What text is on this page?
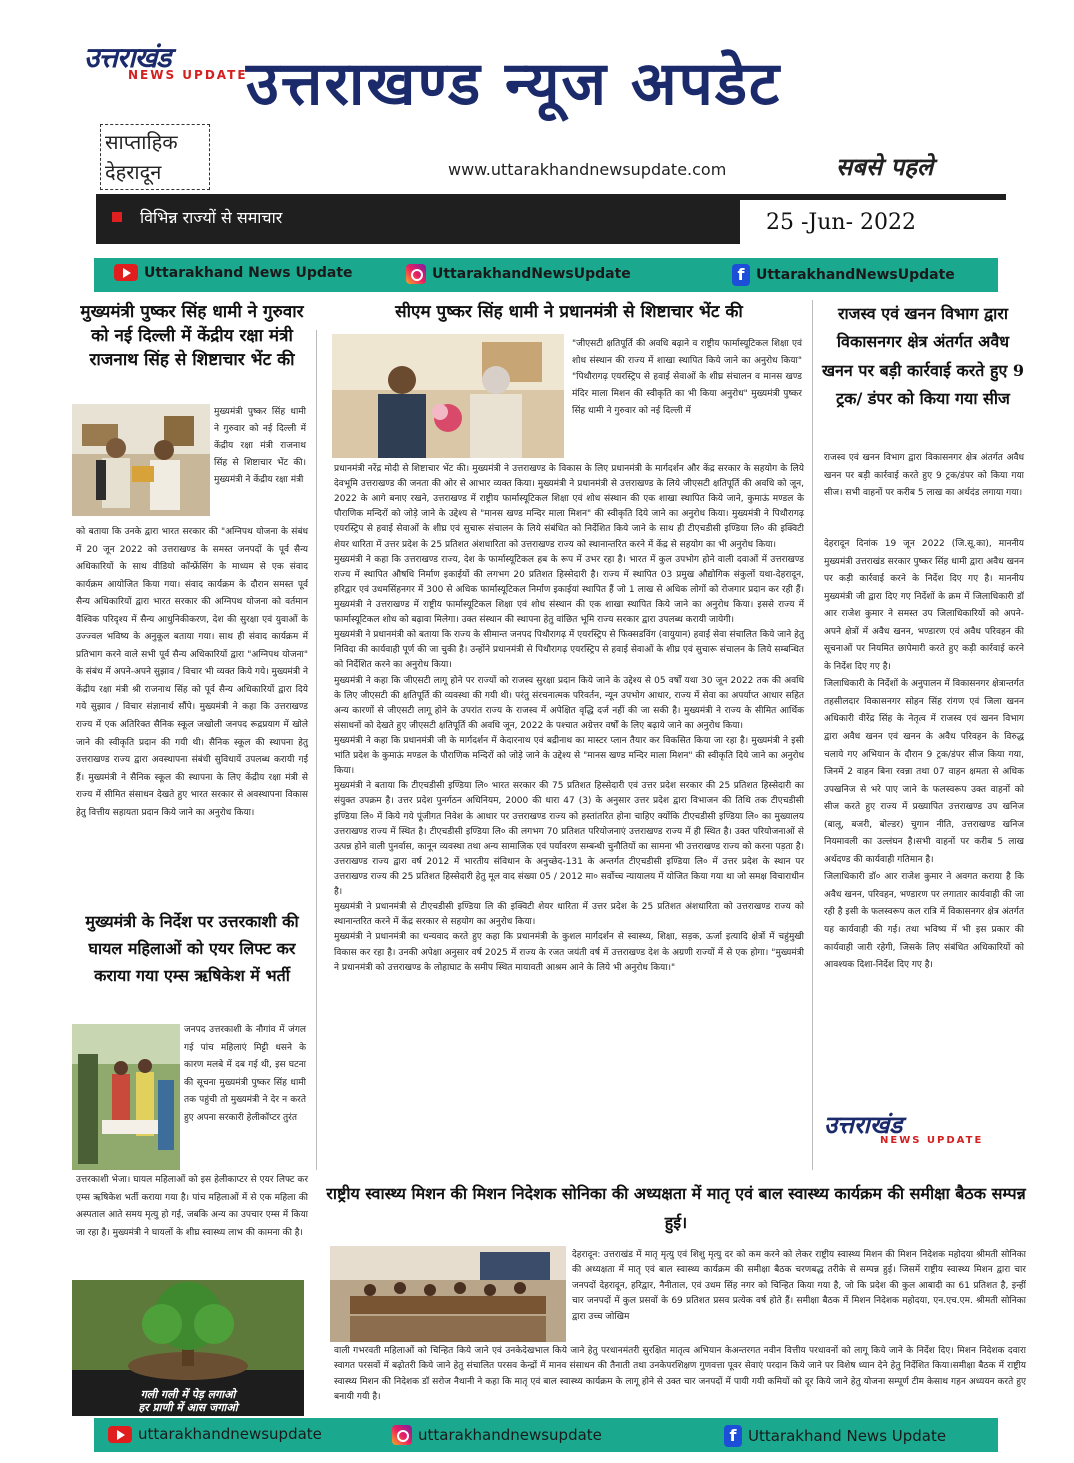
उत्तराखंड
NEWS UPDATE
उत्तराखण्ड न्यूज अपडेट
साप्ताहिक
देहरादून	www.uttarakhandnewsupdate.com	सबसे पहले
विभिन्न राज्यों से समाचार	25 -Jun- 2022
Uttarakhand News Update	UttarakhandNewsUpdate	f UttarakhandNewsUpdate
मुख्यमंत्री पुष्कर सिंह धामी ने गुरुवार को नई दिल्ली में केंद्रीय रक्षा मंत्री राजनाथ सिंह से शिष्टाचार भेंट की
मुख्यमंत्री पुष्कर सिंह धामी ने गुरुवार को नई दिल्ली में केंद्रीय रक्षा मंत्री राजनाथ सिंह से शिष्टाचार भेंट की। मुख्यमंत्री ने केंद्रीय रक्षा मंत्री
को बताया कि उनके द्वारा भारत सरकार की "अग्निपथ योजना के संबंध में 20 जून 2022 को उत्तराखण्ड के समस्त जनपदों के पूर्व सैन्य अधिकारियों के साथ वीडियो कॉन्फ्रेंसिंग के माध्यम से एक संवाद कार्यक्रम आयोजित किया गया। संवाद कार्यक्रम के दौरान समस्त पूर्व सैन्य अधिकारियों द्वारा भारत सरकार की अग्निपथ योजना को वर्तमान वैश्विक परिदृश्य में सैन्य आधुनिकीकरण, देश की सुरक्षा एवं युवाओं के उज्ज्वल भविष्य के अनुकूल बताया गया। साथ ही संवाद कार्यक्रम में प्रतिभाग करने वाले सभी पूर्व सैन्य अधिकारियों द्वारा "अग्निपथ योजना" के संबंध में अपने-अपने सुझाव / विचार भी व्यक्त किये गये। मुख्यमंत्री ने केंद्रीय रक्षा मंत्री श्री राजनाथ सिंह को पूर्व सैन्य अधिकारियों द्वारा दिये गये सुझाव / विचार संज्ञानार्थ सौंपे। मुख्यमंत्री ने कहा कि उत्तराखण्ड राज्य में एक अतिरिक्त सैनिक स्कूल जखोली जनपद रूद्रप्रयाग में खोले जाने की स्वीकृति प्रदान की गयी थी। सैनिक स्कूल की स्थापना हेतु उत्तराखण्ड राज्य द्वारा अवस्थापना संबंधी सुविधायें उपलब्ध करायी गई हैं। मुख्यमंत्री ने सैनिक स्कूल की स्थापना के लिए केंद्रीय रक्षा मंत्री से राज्य में सीमित संसाधन देखते हुए भारत सरकार से अवस्थापना विकास हेतु वित्तीय सहायता प्रदान किये जाने का अनुरोध किया।
मुख्यमंत्री के निर्देश पर उत्तरकाशी की घायल महिलाओं को एयर लिफ्ट कर कराया गया एम्स ऋषिकेश में भर्ती
जनपद उत्तरकाशी के नौगांव में जंगल गई पांच महिलाएं मिट्टी धसने के कारण मलबे में दब गई थी, इस घटना की सूचना मुख्यमंत्री पुष्कर सिंह धामी तक पहुंची तो मुख्यमंत्री ने देर न करते हुए अपना सरकारी हेलीकॉप्टर तुरंत
उत्तरकाशी भेजा। घायल महिलाओं को इस हेलीकाप्टर से एयर लिफ्ट कर एम्स ऋषिकेश भर्ती कराया गया है। पांच महिलाओं में से एक महिला की अस्पताल आते समय मृत्यु हो गई, जबकि अन्य का उपचार एम्स में किया जा रहा है। मुख्यमंत्री ने घायलों के शीघ्र स्वास्थ्य लाभ की कामना की है।
गली गली में पेड़ लगाओ
हर प्राणी में आस जगाओ
सीएम पुष्कर सिंह धामी ने प्रधानमंत्री से शिष्टाचार भेंट की
"जीएसटी क्षतिपूर्ति की अवधि बढ़ाने व राष्ट्रीय फार्मास्यूटिकल शिक्षा एवं शोध संस्थान की राज्य में शाखा स्थापित किये जाने का अनुरोध किया" "पिथौरागढ़ एयरस्ट्रिप से हवाई सेवाओं के शीघ्र संचालन व मानस खण्ड मंदिर माला मिशन की स्वीकृति का भी किया अनुरोध" मुख्यमंत्री पुष्कर सिंह धामी ने गुरुवार को नई दिल्ली में
प्रधानमंत्री नरेंद्र मोदी से शिष्टाचार भेंट की। मुख्यमंत्री ने उत्तराखण्ड के विकास के लिए प्रधानमंत्री के मार्गदर्शन और केंद्र सरकार के सहयोग के लिये देवभूमि उत्तराखण्ड की जनता की ओर से आभार व्यक्त किया। मुख्यमंत्री ने प्रधानमंत्री से उत्तराखण्ड के लिये जीएसटी क्षतिपूर्ति की अवधि को जून, 2022 के आगे बनाए रखने, उत्तराखण्ड में राष्ट्रीय फार्मास्यूटिकल शिक्षा एवं शोध संस्थान की एक शाखा स्थापित किये जाने, कुमाऊं मण्डल के पौराणिक मन्दिरों को जोड़े जाने के उद्देश्य से "मानस खण्ड मन्दिर माला मिशन" की स्वीकृति दिये जाने का अनुरोध किया। मुख्यमंत्री ने पिथौरागढ़ एयरस्ट्रिप से हवाई सेवाओं के शीघ्र एवं सुचारू संचालन के लिये संबंधित को निर्देशित किये जाने के साथ ही टीएचडीसी इण्डिया लि० की इक्विटी शेयर धारिता में उत्तर प्रदेश के 25 प्रतिशत अंशधारिता को उत्तराखण्ड राज्य को स्थानान्तरित करने में केंद्र से सहयोग का भी अनुरोध किया।
मुख्यमंत्री ने कहा कि उत्तराखण्ड राज्य, देश के फार्मास्यूटिकल हब के रूप में उभर रहा है। भारत में कुल उपभोग होने वाली दवाओं में उत्तराखण्ड राज्य में स्थापित औषधि निर्माण इकाईयों की लगभग 20 प्रतिशत हिस्सेदारी है। राज्य में स्थापित 03 प्रमुख औद्योगिक संकुलों यथा-देहरादून, हरिद्वार एवं उधमसिंहनगर में 300 से अधिक फार्मास्यूटिकल निर्माण इकाईयां स्थापित हैं जो 1 लाख से अधिक लोगों को रोजगार प्रदान कर रही हैं। मुख्यमंत्री ने उत्तराखण्ड में राष्ट्रीय फार्मास्यूटिकल शिक्षा एवं शोध संस्थान की एक शाखा स्थापित किये जाने का अनुरोध किया। इससे राज्य में फार्मास्यूटिकल शोध को बढ़ावा मिलेगा। उक्त संस्थान की स्थापना हेतु वांछित भूमि राज्य सरकार द्वारा उपलब्ध करायी जायेगी।
मुख्यमंत्री ने प्रधानमंत्री को बताया कि राज्य के सीमान्त जनपद पिथौरागढ़ में एयरस्ट्रिप से फिक्सडविंग (वायुयान) हवाई सेवा संचालित किये जाने हेतु निविदा की कार्यवाही पूर्ण की जा चुकी है। उन्होंने प्रधानमंत्री से पिथौरागढ़ एयरस्ट्रिप से हवाई सेवाओं के शीघ्र एवं सुचारू संचालन के लिये सम्बन्धित को निर्देशित करने का अनुरोध किया।
मुख्यमंत्री ने कहा कि जीएसटी लागू होने पर राज्यों को राजस्व सुरक्षा प्रदान किये जाने के उद्देश्य से 05 वर्षों यथा 30 जून 2022 तक की अवधि के लिए जीएसटी की क्षतिपूर्ति की व्यवस्था की गयी थी। परंतु संरचनात्मक परिवर्तन, न्यून उपभोग आधार, राज्य में सेवा का अपर्याप्त आधार सहित अन्य कारणों से जीएसटी लागू होने के उपरांत राज्य के राजस्व में अपेक्षित वृद्धि दर्ज नहीं की जा सकी है। मुख्यमंत्री ने राज्य के सीमित आर्थिक संसाधनों को देखते हुए जीएसटी क्षतिपूर्ति की अवधि जून, 2022 के पश्चात अग्रेत्तर वर्षों के लिए बढ़ाये जाने का अनुरोध किया।
मुख्यमंत्री ने कहा कि प्रधानमंत्री जी के मार्गदर्शन में केदारनाथ एवं बद्रीनाथ का मास्टर प्लान तैयार कर विकसित किया जा रहा है। मुख्यमंत्री ने इसी भांति प्रदेश के कुमाऊं मण्डल के पौराणिक मन्दिरों को जोड़े जाने के उद्देश्य से "मानस खण्ड मन्दिर माला मिशन" की स्वीकृति दिये जाने का अनुरोध किया।
मुख्यमंत्री ने बताया कि टीएचडीसी इण्डिया लि० भारत सरकार की 75 प्रतिशत हिस्सेदारी एवं उत्तर प्रदेश सरकार की 25 प्रतिशत हिस्सेदारी का संयुक्त उपक्रम है। उत्तर प्रदेश पुनर्गठन अधिनियम, 2000 की धारा 47 (3) के अनुसार उत्तर प्रदेश द्वारा विभाजन की तिथि तक टीएचडीसी इण्डिया लि० में किये गये पूंजीगत निवेश के आधार पर उत्तराखण्ड राज्य को हस्तांतरित होना चाहिए क्योंकि टीएचडीसी इण्डिया लि० का मुख्यालय उत्तराखण्ड राज्य में स्थित है। टीएचडीसी इण्डिया लि० की लगभग 70 प्रतिशत परियोजनाएं उत्तराखण्ड राज्य में ही स्थित है। उक्त परियोजनाओं से उत्पन्न होने वाली पुनर्वास, कानून व्यवस्था तथा अन्य सामाजिक एवं पर्यावरण सम्बन्धी चुनौतियों का सामना भी उत्तराखण्ड राज्य को करना पड़ता है। उत्तराखण्ड राज्य द्वारा वर्ष 2012 में भारतीय संविधान के अनुच्छेद-131 के अन्तर्गत टीएचडीसी इण्डिया लि० में उत्तर प्रदेश के स्थान पर उत्तराखण्ड राज्य की 25 प्रतिशत हिस्सेदारी हेतु मूल वाद संख्या 05 / 2012 मा० सर्वोच्च न्यायालय में योजित किया गया था जो समक्ष विचाराधीन है।
मुख्यमंत्री ने प्रधानमंत्री से टीएचडीसी इण्डिया लि की इक्विटी शेयर धारिता में उत्तर प्रदेश के 25 प्रतिशत अंशधारिता को उत्तराखण्ड राज्य को स्थानान्तरित करने में केंद्र सरकार से सहयोग का अनुरोध किया।
मुख्यमंत्री ने प्रधानमंत्री का धन्यवाद करते हुए कहा कि प्रधानमंत्री के कुशल मार्गदर्शन से स्वास्थ्य, शिक्षा, सड़क, ऊर्जा इत्यादि क्षेत्रों में चहुंमुखी विकास कर रहा है। उनकी अपेक्षा अनुसार वर्ष 2025 में राज्य के रजत जयंती वर्ष में उत्तराखण्ड देश के अग्रणी राज्यों में से एक होगा। "मुख्यमंत्री ने प्रधानमंत्री को उत्तराखण्ड के लोहाघाट के समीप स्थित मायावती आश्रम आने के लिये भी अनुरोध किया।"
राजस्व एवं खनन विभाग द्वारा विकासनगर क्षेत्र अंतर्गत अवैध खनन पर बड़ी कार्रवाई करते हुए 9 ट्रक/ डंपर को किया गया सीज
राजस्व एवं खनन विभाग द्वारा विकासनगर क्षेत्र अंतर्गत अवैध खनन पर बड़ी कार्रवाई करते हुए 9 ट्रक/डंपर को किया गया सीज। सभी वाहनों पर करीब 5 लाख का अर्थदंड लगाया गया।
देहरादून दिनांक 19 जून 2022 (जि.सू.का), माननीय मुख्यमंत्री उत्तराखंड सरकार पुष्कर सिंह धामी द्वारा अवैध खनन पर कड़ी कार्रवाई करने के निर्देश दिए गए है। माननीय मुख्यमंत्री जी द्वारा दिए गए निर्देशों के क्रम में जिलाधिकारी डॉ आर राजेश कुमार ने समस्त उप जिलाधिकारियों को अपने-अपने क्षेत्रों में अवैध खनन, भण्डारण एवं अवैध परिवहन की सूचनाओं पर नियमित छापेमारी करते हुए कड़ी कार्रवाई करने के निर्देश दिए गए है।
जिलाधिकारी के निर्देशों के अनुपालन में विकासनगर क्षेत्रान्तर्गत तहसीलदार विकासनगर सोहन सिंह रांगण एवं जिला खनन अधिकारी वीरेंद्र सिंह के नेतृत्व में राजस्व एवं खनन विभाग द्वारा अवैध खनन एवं खनन के अवैध परिवहन के विरुद्ध चलाये गए अभियान के दौरान 9 ट्रक/डंपर सीज किया गया, जिनमें 2 वाहन बिना रवन्ना तथा 07 वाहन क्षमता से अधिक उपखनिज से भरे पाए जाने के फलस्वरूप उक्त वाहनों को सीज करते हुए राज्य में प्रख्यापित उत्तराखण्ड उप खनिज (बालू, बजरी, बोल्डर) चुगान नीति, उत्तराखण्ड खनिज नियमावली का उल्लंघन है।सभी वाहनों पर करीब 5 लाख अर्थदण्ड की कार्यवाही गतिमान है।
जिलाधिकारी डॉ० आर राजेश कुमार ने अवगत कराया है कि अवैध खनन, परिवहन, भण्डारण पर लगातार कार्यवाही की जा रही है इसी के फलस्वरूप कल रात्रि में विकासनगर क्षेत्र अंतर्गत यह कार्यवाही की गई। तथा भविष्य में भी इस प्रकार की कार्यवाही जारी रहेगी, जिसके लिए संबंधित अधिकारियों को आवश्यक दिशा-निर्देश दिए गए है।
उत्तराखंड
NEWS UPDATE
राष्ट्रीय स्वास्थ्य मिशन की मिशन निदेशक सोनिका की अध्यक्षता में मातृ एवं बाल स्वास्थ्य कार्यक्रम की समीक्षा बैठक सम्पन्न हुई।
देहरादून: उत्तराखंड में मातृ मृत्यु एवं शिशु मृत्यु दर को कम करने को लेकर राष्ट्रीय स्वास्थ्य मिशन की मिशन निदेशक महोदया श्रीमती सोनिका की अध्यक्षता में मातृ एवं बाल स्वास्थ्य कार्यक्रम की समीक्षा बैठक चरणबद्ध तरीके से सम्पन्न हुई। जिसमें राष्ट्रीय स्वास्थ्य मिशन द्वारा चार जनपदों देहरादून, हरिद्वार, नैनीताल, एवं उधम सिंह नगर को चिन्हित किया गया है, जो कि प्रदेश की कुल आबादी का 61 प्रतिशत है, इन्हीं चार जनपदों में कुल प्रसवों के 69 प्रतिशत प्रसव प्रत्येक वर्ष होते हैं। समीक्षा बैठक में मिशन निदेशक महोदया, एन.एच.एम. श्रीमती सोनिका द्वारा उच्च जोखिम
वाली गभरवती महिलाओं को चिन्हित किये जाने एवं उनकेदेखभाल किये जाने हेतु परधानमंतरी सुरक्षित मातृत्व अभियान केअन्तरगत नवीन वित्तीय परधावनों को लागू किये जाने के निर्देश दिए। मिशन निदेशक दवारा स्वागत परसवों में बढ़ोतरी किये जाने हेतु संचालित परसव केन्द्रों में मानव संसाधन की तैनाती तथा उनकेपरशिक्षण गुणवत्ता पूवर सेवाएं परदान किये जाने पर विशेष ध्यान देने हेतु निर्देशित किया।समीक्षा बैठक में राष्ट्रीय स्वास्थ्य मिशन की निदेशक डॉ सरोज नैथानी ने कहा कि मातृ एवं बाल स्वास्थ्य कार्यक्रम के लागू होने से उक्त चार जनपदों में पायी गयी कमियों को दूर किये जाने हेतु योजना सम्पूर्ण टीम केसाथ गहन अध्ययन करते हुए बनायी गयी है।
uttarakhandnewsupdate	uttarakhandnewsupdate	f Uttarakhand News Update
